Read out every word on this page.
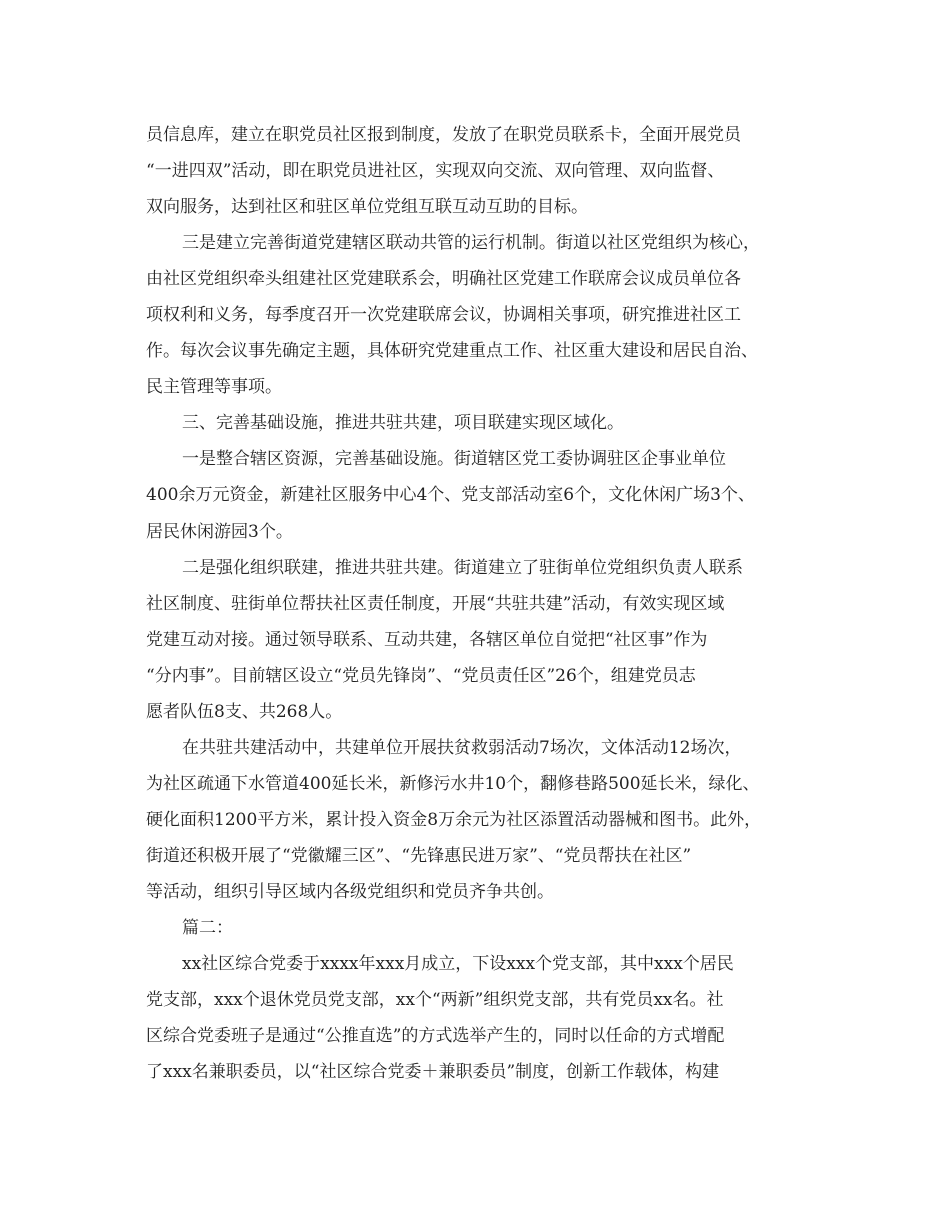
员信息库，建立在职党员社区报到制度，发放了在职党员联系卡，全面开展党员
“一进四双”活动，即在职党员进社区，实现双向交流、双向管理、双向监督、
双向服务，达到社区和驻区单位党组互联互动互助的目标。
三是建立完善街道党建辖区联动共管的运行机制。街道以社区党组织为核心，
由社区党组织牵头组建社区党建联系会，明确社区党建工作联席会议成员单位各
项权利和义务，每季度召开一次党建联席会议，协调相关事项，研究推进社区工
作。每次会议事先确定主题，具体研究党建重点工作、社区重大建设和居民自治、
民主管理等事项。
三、完善基础设施，推进共驻共建，项目联建实现区域化。
一是整合辖区资源，完善基础设施。街道辖区党工委协调驻区企事业单位
400余万元资金，新建社区服务中心4个、党支部活动室6个，文化休闲广场3个、
居民休闲游园3个。
二是强化组织联建，推进共驻共建。街道建立了驻街单位党组织负责人联系
社区制度、驻街单位帮扶社区责任制度，开展“共驻共建”活动，有效实现区域
党建互动对接。通过领导联系、互动共建，各辖区单位自觉把“社区事”作为
“分内事”。目前辖区设立“党员先锋岗”、“党员责任区”26个，组建党员志
愿者队伍8支、共268人。
在共驻共建活动中，共建单位开展扶贫救弱活动7场次，文体活动12场次，
为社区疏通下水管道400延长米，新修污水井10个，翻修巷路500延长米，绿化、
硬化面积1200平方米，累计投入资金8万余元为社区添置活动器械和图书。此外，
街道还积极开展了“党徽耀三区”、“先锋惠民进万家”、“党员帮扶在社区”
等活动，组织引导区域内各级党组织和党员齐争共创。
篇二：
xx社区综合党委于xxxx年xxx月成立，下设xxx个党支部，其中xxx个居民
党支部，xxx个退休党员党支部，xx个“两新”组织党支部，共有党员xx名。社
区综合党委班子是通过“公推直选”的方式选举产生的，同时以任命的方式增配
了xxx名兼职委员，以“社区综合党委＋兼职委员”制度，创新工作载体，构建
